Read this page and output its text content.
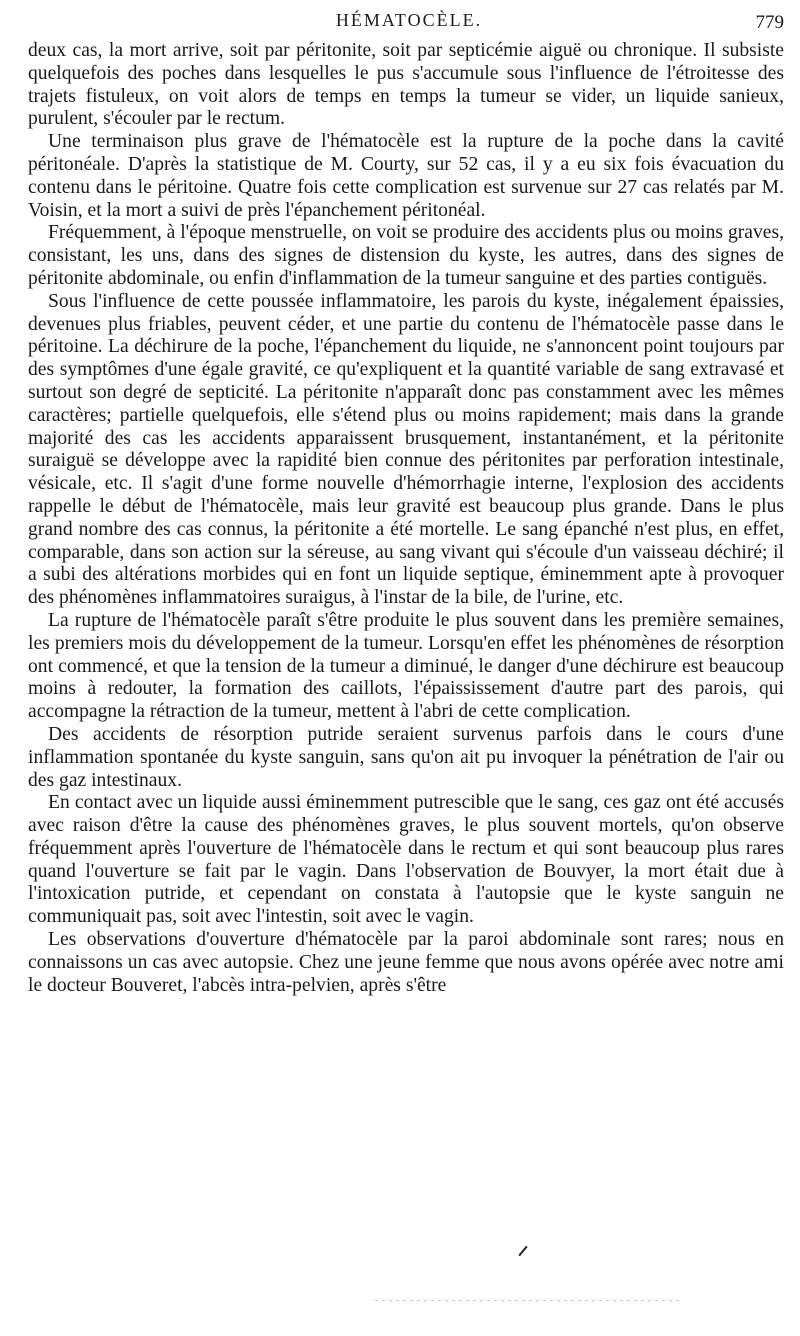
HÉMATOCÈLE.	779

deux cas, la mort arrive, soit par péritonite, soit par septicémie aiguë ou chronique. Il subsiste quelquefois des poches dans lesquelles le pus s'accumule sous l'influence de l'étroitesse des trajets fistuleux, on voit alors de temps en temps la tumeur se vider, un liquide sanieux, purulent, s'écouler par le rectum.

Une terminaison plus grave de l'hématocèle est la rupture de la poche dans la cavité péritonéale. D'après la statistique de M. Courty, sur 52 cas, il y a eu six fois évacuation du contenu dans le péritoine. Quatre fois cette complication est survenue sur 27 cas relatés par M. Voisin, et la mort a suivi de près l'épanchement péritonéal.

Fréquemment, à l'époque menstruelle, on voit se produire des accidents plus ou moins graves, consistant, les uns, dans des signes de distension du kyste, les autres, dans des signes de péritonite abdominale, ou enfin d'inflammation de la tumeur sanguine et des parties contiguës.

Sous l'influence de cette poussée inflammatoire, les parois du kyste, inégalement épaissies, devenues plus friables, peuvent céder, et une partie du contenu de l'hématocèle passe dans le péritoine. La déchirure de la poche, l'épanchement du liquide, ne s'annoncent point toujours par des symptômes d'une égale gravité, ce qu'expliquent et la quantité variable de sang extravasé et surtout son degré de septicité. La péritonite n'apparaît donc pas constamment avec les mêmes caractères; partielle quelquefois, elle s'étend plus ou moins rapidement; mais dans la grande majorité des cas les accidents apparaissent brusquement, instantanément, et la péritonite suraiguë se développe avec la rapidité bien connue des péritonites par perforation intestinale, vésicale, etc. Il s'agit d'une forme nouvelle d'hémorrhagie interne, l'explosion des accidents rappelle le début de l'hématocèle, mais leur gravité est beaucoup plus grande. Dans le plus grand nombre des cas connus, la péritonite a été mortelle. Le sang épanché n'est plus, en effet, comparable, dans son action sur la séreuse, au sang vivant qui s'écoule d'un vaisseau déchiré; il a subi des altérations morbides qui en font un liquide septique, éminemment apte à provoquer des phénomènes inflammatoires suraigus, à l'instar de la bile, de l'urine, etc.

La rupture de l'hématocèle paraît s'être produite le plus souvent dans les première semaines, les premiers mois du développement de la tumeur. Lorsqu'en effet les phénomènes de résorption ont commencé, et que la tension de la tumeur a diminué, le danger d'une déchirure est beaucoup moins à redouter, la formation des caillots, l'épaississement d'autre part des parois, qui accompagne la rétraction de la tumeur, mettent à l'abri de cette complication.

Des accidents de résorption putride seraient survenus parfois dans le cours d'une inflammation spontanée du kyste sanguin, sans qu'on ait pu invoquer la pénétration de l'air ou des gaz intestinaux.

En contact avec un liquide aussi éminemment putrescible que le sang, ces gaz ont été accusés avec raison d'être la cause des phénomènes graves, le plus souvent mortels, qu'on observe fréquemment après l'ouverture de l'hématocèle dans le rectum et qui sont beaucoup plus rares quand l'ouverture se fait par le vagin. Dans l'observation de Bouvyer, la mort était due à l'intoxication putride, et cependant on constata à l'autopsie que le kyste sanguin ne communiquait pas, soit avec l'intestin, soit avec le vagin.

Les observations d'ouverture d'hématocèle par la paroi abdominale sont rares; nous en connaissons un cas avec autopsie. Chez une jeune femme que nous avons opérée avec notre ami le docteur Bouveret, l'abcès intra-pelvien, après s'être
